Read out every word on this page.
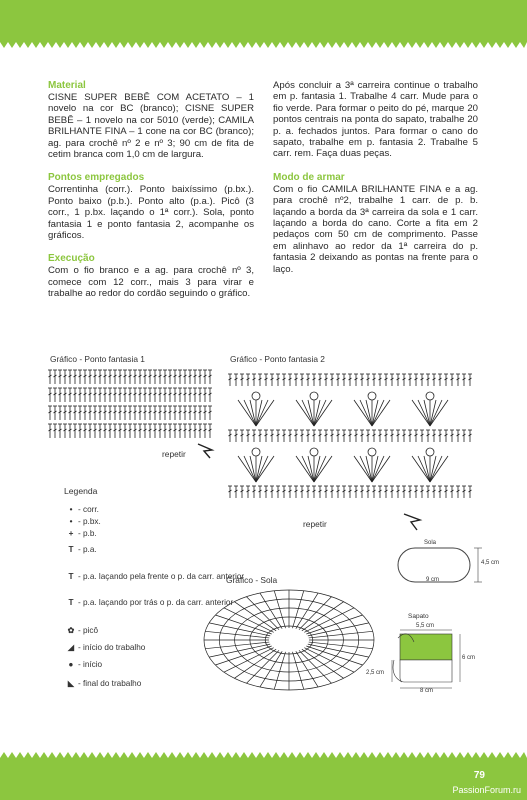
Material

CISNE SUPER BEBÊ COM ACETATO – 1 novelo na cor BC (branco); CISNE SUPER BEBÊ – 1 novelo na cor 5010 (verde); CAMILA BRILHANTE FINA – 1 cone na cor BC (branco); ag. para crochê nº 2 e nº 3; 90 cm de fita de cetim branca com 1,0 cm de largura.

Pontos empregados

Correntinha (corr.). Ponto baixíssimo (p.bx.). Ponto baixo (p.b.). Ponto alto (p.a.). Picô (3 corr., 1 p.bx. laçando o 1ª corr.). Sola, ponto fantasia 1 e ponto fantasia 2, acompanhe os gráficos.

Execução

Com o fio branco e a ag. para crochê nº 3, comece com 12 corr., mais 3 para virar e trabalhe ao redor do cordão seguindo o gráfico.

Após concluir a 3ª carreira continue o trabalho em p. fantasia 1. Trabalhe 4 carr. Mude para o fio verde. Para formar o peito do pé, marque 20 pontos centrais na ponta do sapato, trabalhe 20 p. a. fechados juntos. Para formar o cano do sapato, trabalhe em p. fantasia 2. Trabalhe 5 carr. rem. Faça duas peças.

Modo de armar

Com o fio CAMILA BRILHANTE FINA e a ag. para crochê nº2, trabalhe 1 carr. de p. b. laçando a borda da 3ª carreira da sola e 1 carr. laçando a borda do cano. Corte a fita em 2 pedaços com 50 cm de comprimento. Passe em alinhavo ao redor da 1ª carreira do p. fantasia 2 deixando as pontas na frente para o laço.

Gráfico - Ponto fantasia 1
repetir
Gráfico - Ponto fantasia 2
repetir
Legenda
• - corr.
• - p.bx.
+ - p.b.
T - p.a.
T - p.a. laçando pela frente o p. da carr. anterior
T - p.a. laçando por trás o p. da carr. anterior
✿ - picô
◢ - início do trabalho
● - início
◣ - final do trabalho
Gráfico - Sola
Sola
4,5 cm
9 cm
Sapato
5,5 cm
6 cm
2,5 cm
8 cm
79
PassionForum.ru
